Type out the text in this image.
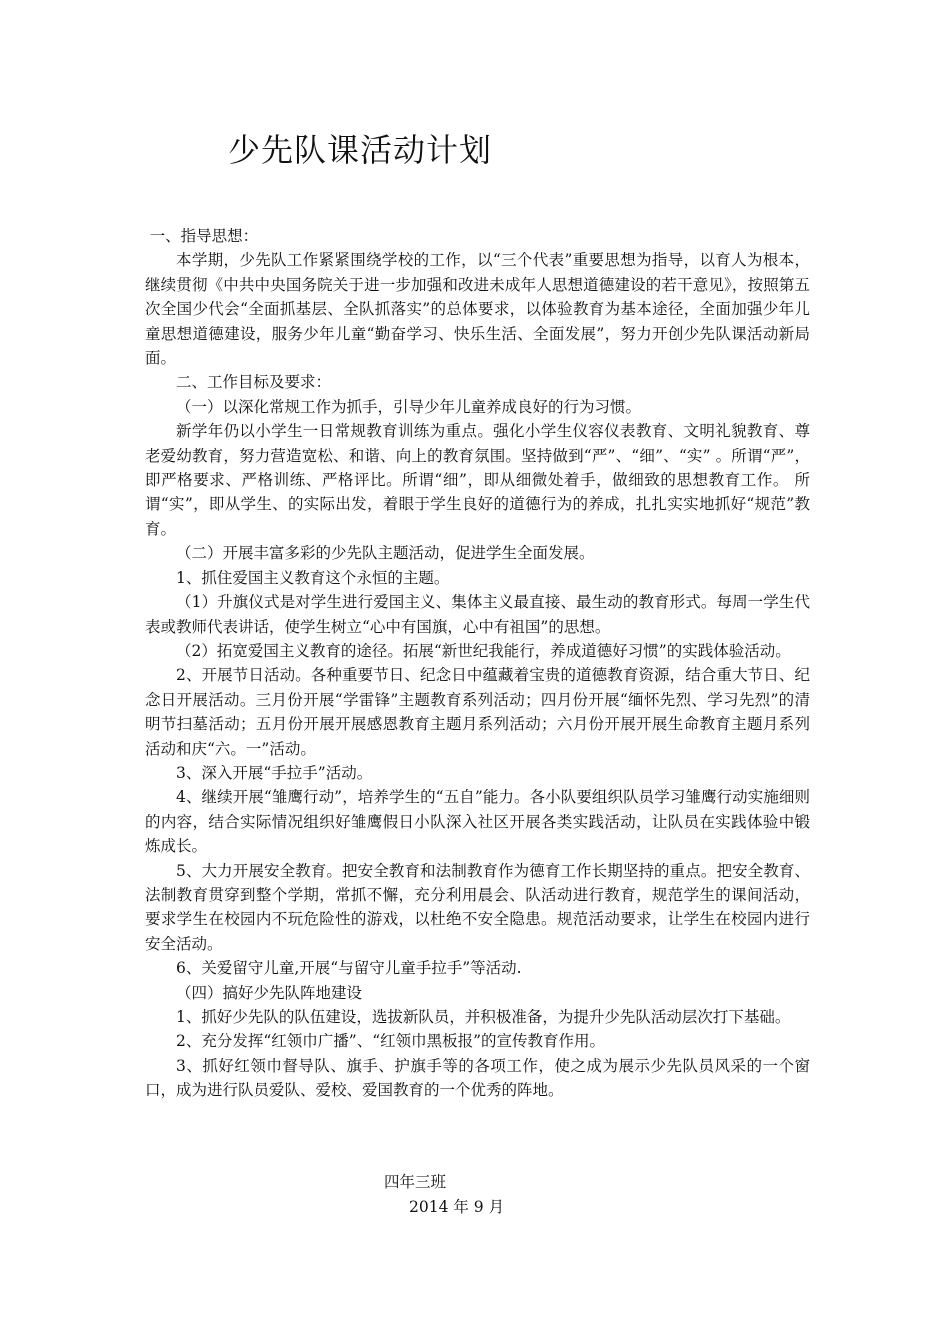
少先队课活动计划

一、指导思想：

本学期，少先队工作紧紧围绕学校的工作，以“三个代表”重要思想为指导，以育人为根本，继续贯彻《中共中央国务院关于进一步加强和改进未成年人思想道德建设的若干意见》，按照第五次全国少代会“全面抓基层、全队抓落实”的总体要求，以体验教育为基本途径，全面加强少年儿童思想道德建设，服务少年儿童“勤奋学习、快乐生活、全面发展”，努力开创少先队课活动新局面。

二、工作目标及要求：

（一）以深化常规工作为抓手，引导少年儿童养成良好的行为习惯。

新学年仍以小学生一日常规教育训练为重点。强化小学生仪容仪表教育、文明礼貌教育、尊老爱幼教育，努力营造宽松、和谐、向上的教育氛围。坚持做到“严”、“细”、“实” 。所谓“严”，即严格要求、严格训练、严格评比。所谓“细”，即从细微处着手，做细致的思想教育工作。 所谓“实”，即从学生、的实际出发，着眼于学生良好的道德行为的养成，扎扎实实地抓好“规范”教育。

（二）开展丰富多彩的少先队主题活动，促进学生全面发展。

1、抓住爱国主义教育这个永恒的主题。

（1）升旗仪式是对学生进行爱国主义、集体主义最直接、最生动的教育形式。每周一学生代表或教师代表讲话，使学生树立“心中有国旗，心中有祖国”的思想。

（2）拓宽爱国主义教育的途径。拓展“新世纪我能行，养成道德好习惯”的实践体验活动。

2、开展节日活动。各种重要节日、纪念日中蕴藏着宝贵的道德教育资源，结合重大节日、纪念日开展活动。三月份开展“学雷锋”主题教育系列活动；四月份开展“缅怀先烈、学习先烈”的清明节扫墓活动；五月份开展开展感恩教育主题月系列活动；六月份开展开展生命教育主题月系列活动和庆“六。一”活动。

3、深入开展“手拉手”活动。

4、继续开展“雏鹰行动”，培养学生的“五自”能力。各小队要组织队员学习雏鹰行动实施细则的内容，结合实际情况组织好雏鹰假日小队深入社区开展各类实践活动，让队员在实践体验中锻炼成长。

5、大力开展安全教育。把安全教育和法制教育作为德育工作长期坚持的重点。把安全教育、法制教育贯穿到整个学期，常抓不懈，充分利用晨会、队活动进行教育，规范学生的课间活动，要求学生在校园内不玩危险性的游戏，以杜绝不安全隐患。规范活动要求，让学生在校园内进行安全活动。

6、关爱留守儿童,开展“与留守儿童手拉手”等活动.

（四）搞好少先队阵地建设

1、抓好少先队的队伍建设，选拔新队员，并积极准备，为提升少先队活动层次打下基础。

2、充分发挥“红领巾广播”、“红领巾黑板报”的宣传教育作用。

3、抓好红领巾督导队、旗手、护旗手等的各项工作，使之成为展示少先队员风采的一个窗口，成为进行队员爱队、爱校、爱国教育的一个优秀的阵地。

四年三班
2014 年 9 月
